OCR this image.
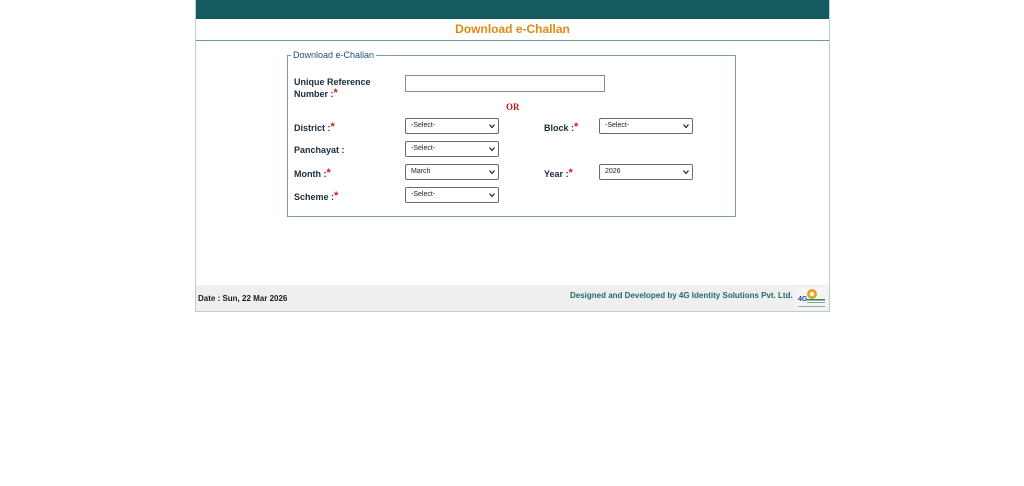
Download e-Challan
Download e-Challan
Unique Reference
Number :*
OR
District :*	-Select-	Block :*	-Select-
Panchayat :	-Select-
Month :*	March	Year :*	2026
Scheme :*	-Select-
Date : Sun, 22 Mar 2026	Designed and Developed by 4G Identity Solutions Pvt. Ltd. 4G
